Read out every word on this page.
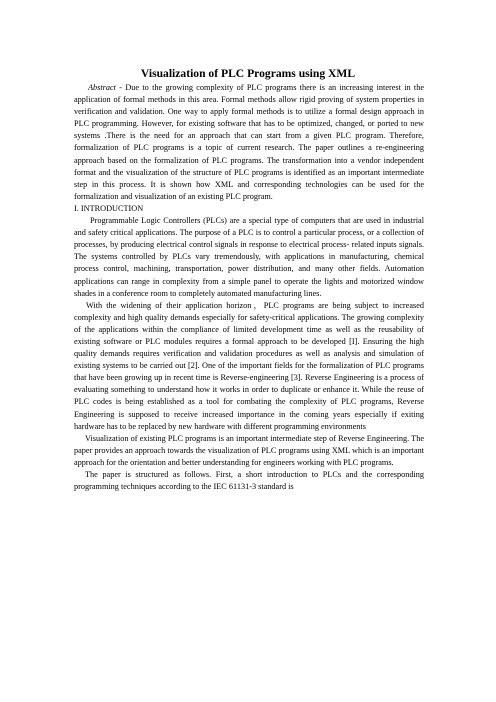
Visualization of PLC Programs using XML

Abstract - Due to the growing complexity of PLC programs there is an increasing interest in the application of formal methods in this area. Formal methods allow rigid proving of system properties in verification and validation. One way to apply formal methods is to utilize a formal design approach in PLC programming. However, for existing software that has to be optimized, changed, or ported to new systems .There is the need for an approach that can start from a given PLC program. Therefore, formalization of PLC programs is a topic of current research. The paper outlines a re-engineering approach based on the formalization of PLC programs. The transformation into a vendor independent format and the visualization of the structure of PLC programs is identified as an important intermediate step in this process. It is shown how XML and corresponding technologies can be used for the formalization and visualization of an existing PLC program.

I. INTRODUCTION

Programmable Logic Controllers (PLCs) are a special type of computers that are used in industrial and safety critical applications. The purpose of a PLC is to control a particular process, or a collection of processes, by producing electrical control signals in response to electrical process- related inputs signals. The systems controlled by PLCs vary tremendously, with applications in manufacturing, chemical process control, machining, transportation, power distribution, and many other fields. Automation applications can range in complexity from a simple panel to operate the lights and motorized window shades in a conference room to completely automated manufacturing lines.

With the widening of their application horizon，PLC programs are being subject to increased complexity and high quality demands especially for safety-critical applications. The growing complexity of the applications within the compliance of limited development time as well as the reusability of existing software or PLC modules requires a formal approach to be developed [I]. Ensuring the high quality demands requires verification and validation procedures as well as analysis and simulation of existing systems to be carried out [2]. One of the important fields for the formalization of PLC programs that have been growing up in recent time is Reverse-engineering [3]. Reverse Engineering is a process of evaluating something to understand how it works in order to duplicate or enhance it. While the reuse of PLC codes is being established as a tool for combating the complexity of PLC programs, Reverse Engineering is supposed to receive increased importance in the coming years especially if exiting hardware has to be replaced by new hardware with different programming environments

Visualization of existing PLC programs is an important intermediate step of Reverse Engineering. The paper provides an approach towards the visualization of PLC programs using XML which is an important approach for the orientation and better understanding for engineers working with PLC programs.

The paper is structured as follows. First, a short introduction to PLCs and the corresponding programming techniques according to the IEC 61131-3 standard is
